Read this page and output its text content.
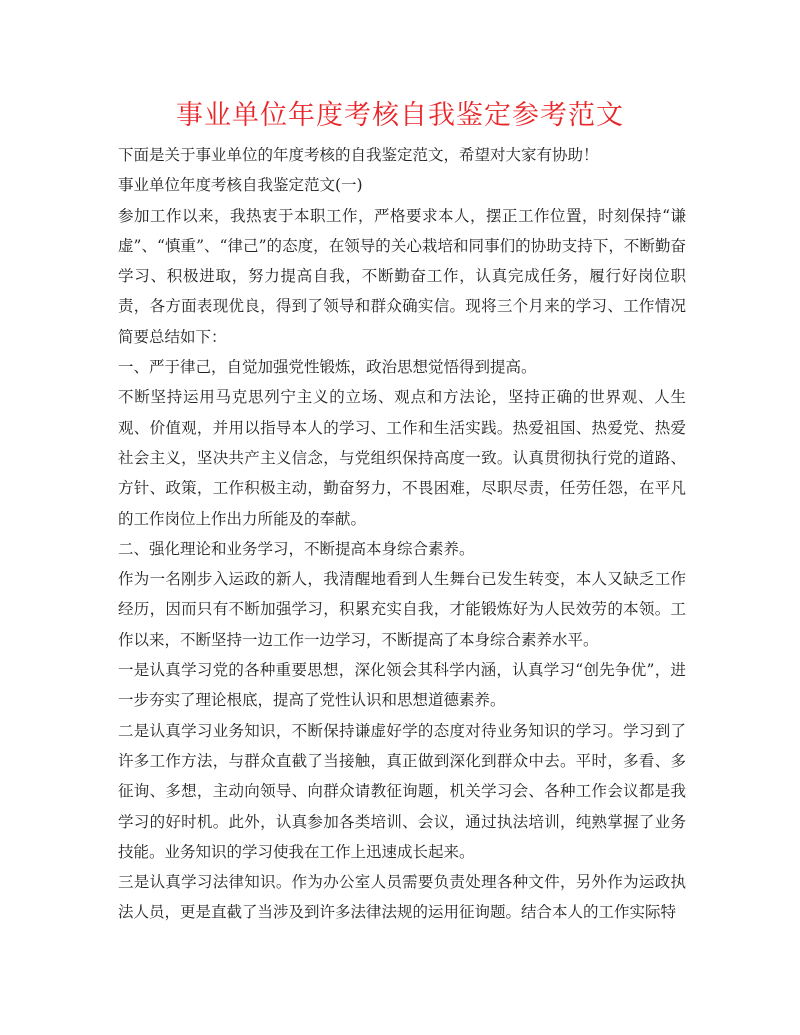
事业单位年度考核自我鉴定参考范文

下面是关于事业单位的年度考核的自我鉴定范文，希望对大家有协助！

事业单位年度考核自我鉴定范文(一)

参加工作以来，我热衷于本职工作，严格要求本人，摆正工作位置，时刻保持“谦虚”、“慎重”、“律己”的态度，在领导的关心栽培和同事们的协助支持下，不断勤奋学习、积极进取，努力提高自我，不断勤奋工作，认真完成任务，履行好岗位职责，各方面表现优良，得到了领导和群众确实信。现将三个月来的学习、工作情况简要总结如下：

一、严于律己，自觉加强党性锻炼，政治思想觉悟得到提高。

不断坚持运用马克思列宁主义的立场、观点和方法论，坚持正确的世界观、人生观、价值观，并用以指导本人的学习、工作和生活实践。热爱祖国、热爱党、热爱社会主义，坚决共产主义信念，与党组织保持高度一致。认真贯彻执行党的道路、方针、政策，工作积极主动，勤奋努力，不畏困难，尽职尽责，任劳任怨，在平凡的工作岗位上作出力所能及的奉献。

二、强化理论和业务学习，不断提高本身综合素养。

作为一名刚步入运政的新人，我清醒地看到人生舞台已发生转变，本人又缺乏工作经历，因而只有不断加强学习，积累充实自我，才能锻炼好为人民效劳的本领。工作以来，不断坚持一边工作一边学习，不断提高了本身综合素养水平。

一是认真学习党的各种重要思想，深化领会其科学内涵，认真学习“创先争优”，进一步夯实了理论根底，提高了党性认识和思想道德素养。

二是认真学习业务知识，不断保持谦虚好学的态度对待业务知识的学习。学习到了许多工作方法，与群众直截了当接触，真正做到深化到群众中去。平时，多看、多征询、多想，主动向领导、向群众请教征询题，机关学习会、各种工作会议都是我学习的好时机。此外，认真参加各类培训、会议，通过执法培训，纯熟掌握了业务技能。业务知识的学习使我在工作上迅速成长起来。

三是认真学习法律知识。作为办公室人员需要负责处理各种文件，另外作为运政执法人员，更是直截了当涉及到许多法律法规的运用征询题。结合本人的工作实际特
